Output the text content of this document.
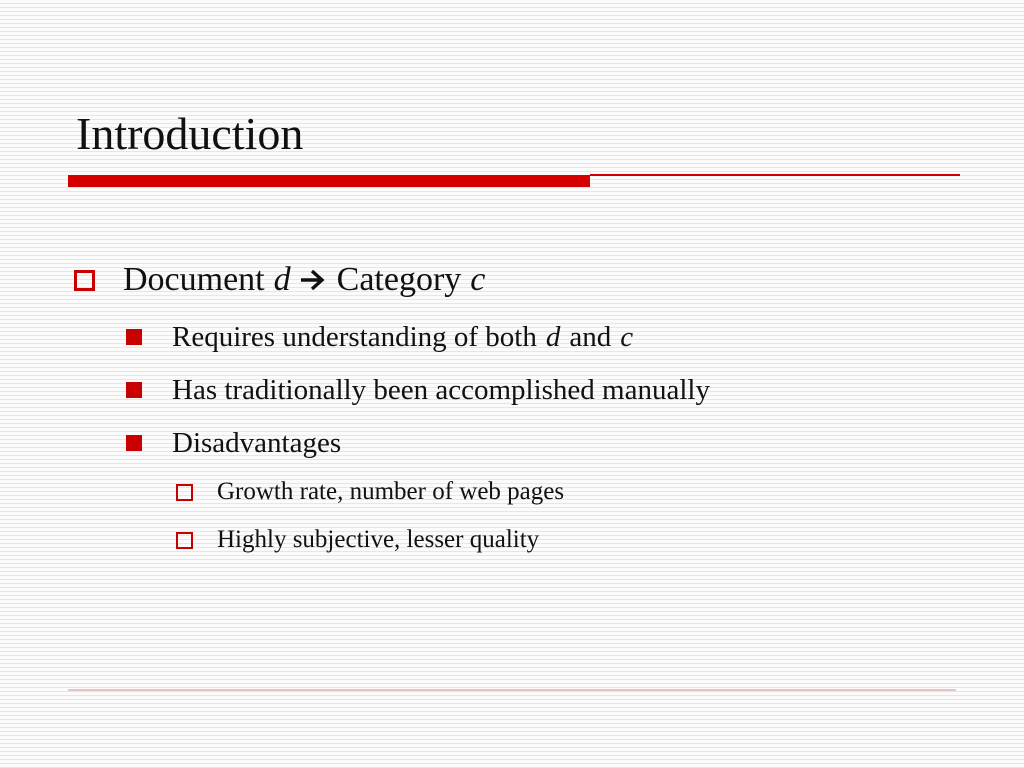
Introduction
Document d Category c
Requires understanding of both d and c
Has traditionally been accomplished manually
Disadvantages
Growth rate, number of web pages
Highly subjective, lesser quality
